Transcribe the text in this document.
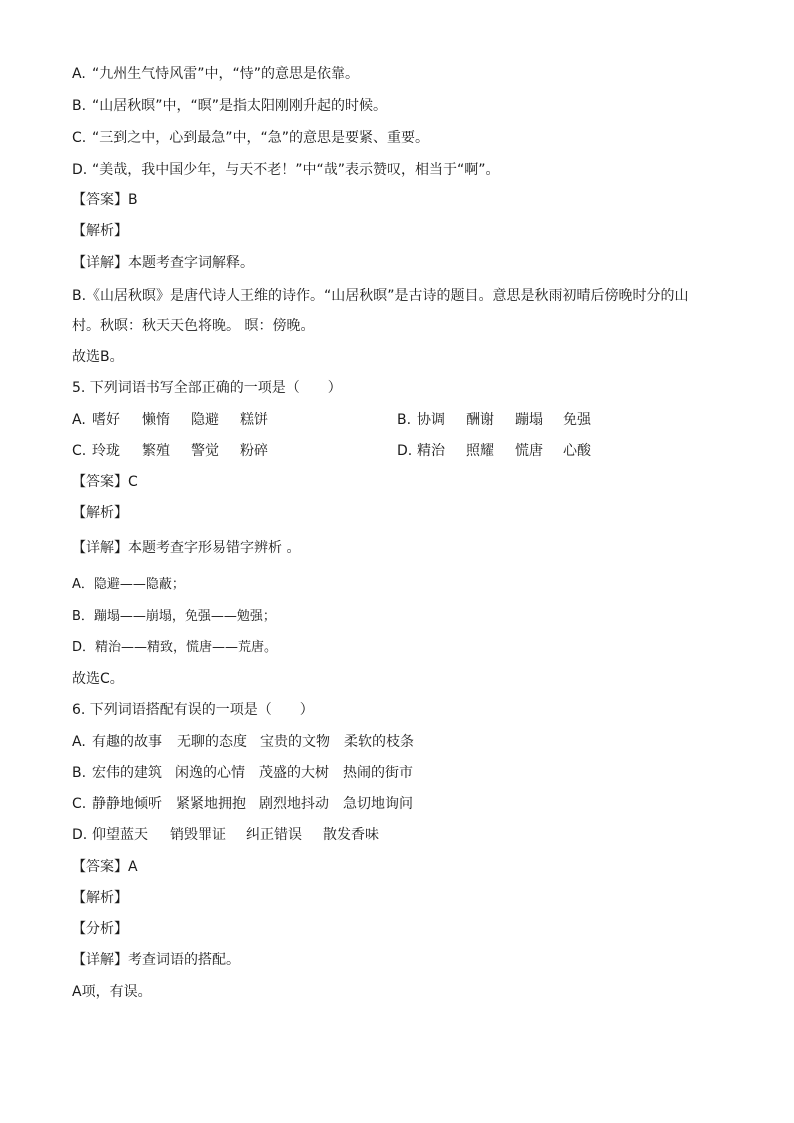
A. “九州生气恃风雷”中，“恃”的意思是依靠。
B. “山居秋暝”中，“暝”是指太阳刚刚升起的时候。
C. “三到之中，心到最急”中，“急”的意思是要紧、重要。
D. “美哉，我中国少年，与天不老！”中“哉”表示赞叹，相当于“啊”。
【答案】B
【解析】
【详解】本题考查字词解释。
B.《山居秋暝》是唐代诗人王维的诗作。“山居秋暝”是古诗的题目。意思是秋雨初晴后傍晚时分的山
村。秋暝：秋天天色将晚。 暝：傍晚。
故选B。
5. 下列词语书写全部正确的一项是（　　）
A. 嗜好 懒惰 隐避 糕饼	B. 协调 酬谢 蹦塌 免强
C. 玲珑 繁殖 警觉 粉碎	D. 精治 照耀 慌唐 心酸
【答案】C
【解析】
【详解】本题考查字形易错字辨析 。
A．隐避——隐蔽；
B．蹦塌——崩塌，免强——勉强；
D．精治——精致，慌唐——荒唐。
故选C。
6. 下列词语搭配有误的一项是（　　）
A. 有趣的故事 无聊的态度 宝贵的文物 柔软的枝条
B. 宏伟的建筑 闲逸的心情 茂盛的大树 热闹的街市
C. 静静地倾听 紧紧地拥抱 剧烈地抖动 急切地询问
D. 仰望蓝天 销毁罪证 纠正错误 散发香味
【答案】A
【解析】
【分析】
【详解】考查词语的搭配。
A项，有误。
